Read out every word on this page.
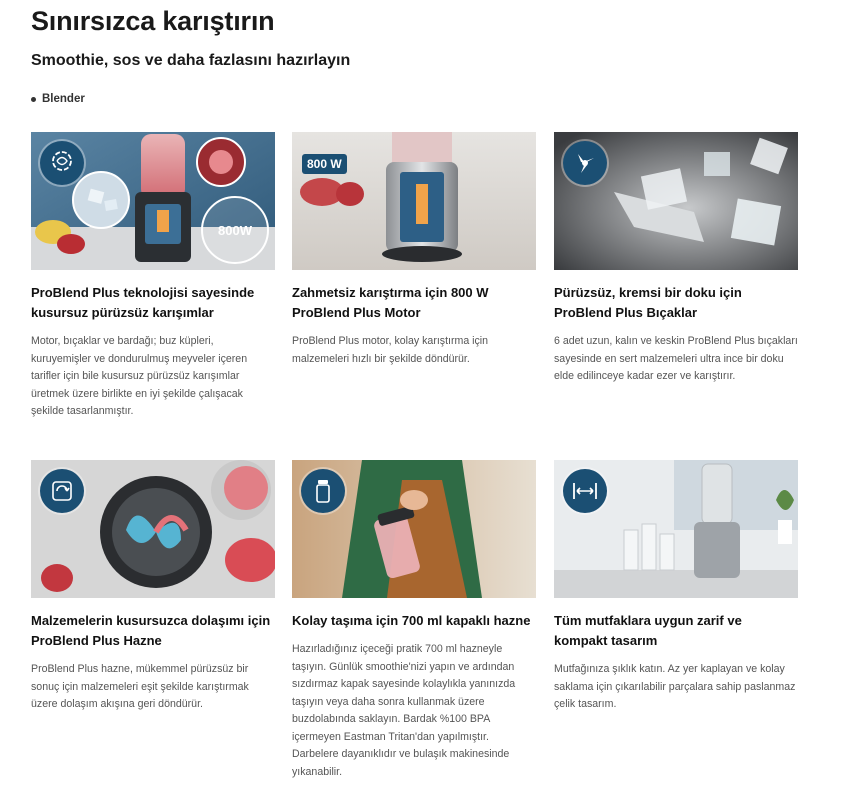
Sınırsızca karıştırın
Smoothie, sos ve daha fazlasını hazırlayın
Blender
800W
ProBlend Plus teknolojisi sayesinde kusursuz pürüzsüz karışımlar

Motor, bıçaklar ve bardağı; buz küpleri, kuruyemişler ve dondurulmuş meyveler içeren tarifler için bile kusursuz pürüzsüz karışımlar üretmek üzere birlikte en iyi şekilde çalışacak şekilde tasarlanmıştır.

800 W
Zahmetsiz karıştırma için 800 W ProBlend Plus Motor

ProBlend Plus motor, kolay karıştırma için malzemeleri hızlı bir şekilde döndürür.

Pürüzsüz, kremsi bir doku için ProBlend Plus Bıçaklar

6 adet uzun, kalın ve keskin ProBlend Plus bıçakları sayesinde en sert malzemeleri ultra ince bir doku elde edilinceye kadar ezer ve karıştırır.

Malzemelerin kusursuzca dolaşımı için ProBlend Plus Hazne

ProBlend Plus hazne, mükemmel pürüzsüz bir sonuç için malzemeleri eşit şekilde karıştırmak üzere dolaşım akışına geri döndürür.

Kolay taşıma için 700 ml kapaklı hazne

Hazırladığınız içeceği pratik 700 ml hazneyle taşıyın. Günlük smoothie'nizi yapın ve ardından sızdırmaz kapak sayesinde kolaylıkla yanınızda taşıyın veya daha sonra kullanmak üzere buzdolabında saklayın. Bardak %100 BPA içermeyen Eastman Tritan'dan yapılmıştır. Darbelere dayanıklıdır ve bulaşık makinesinde yıkanabilir.

Tüm mutfaklara uygun zarif ve kompakt tasarım

Mutfağınıza şıklık katın. Az yer kaplayan ve kolay saklama için çıkarılabilir parçalara sahip paslanmaz çelik tasarım.
